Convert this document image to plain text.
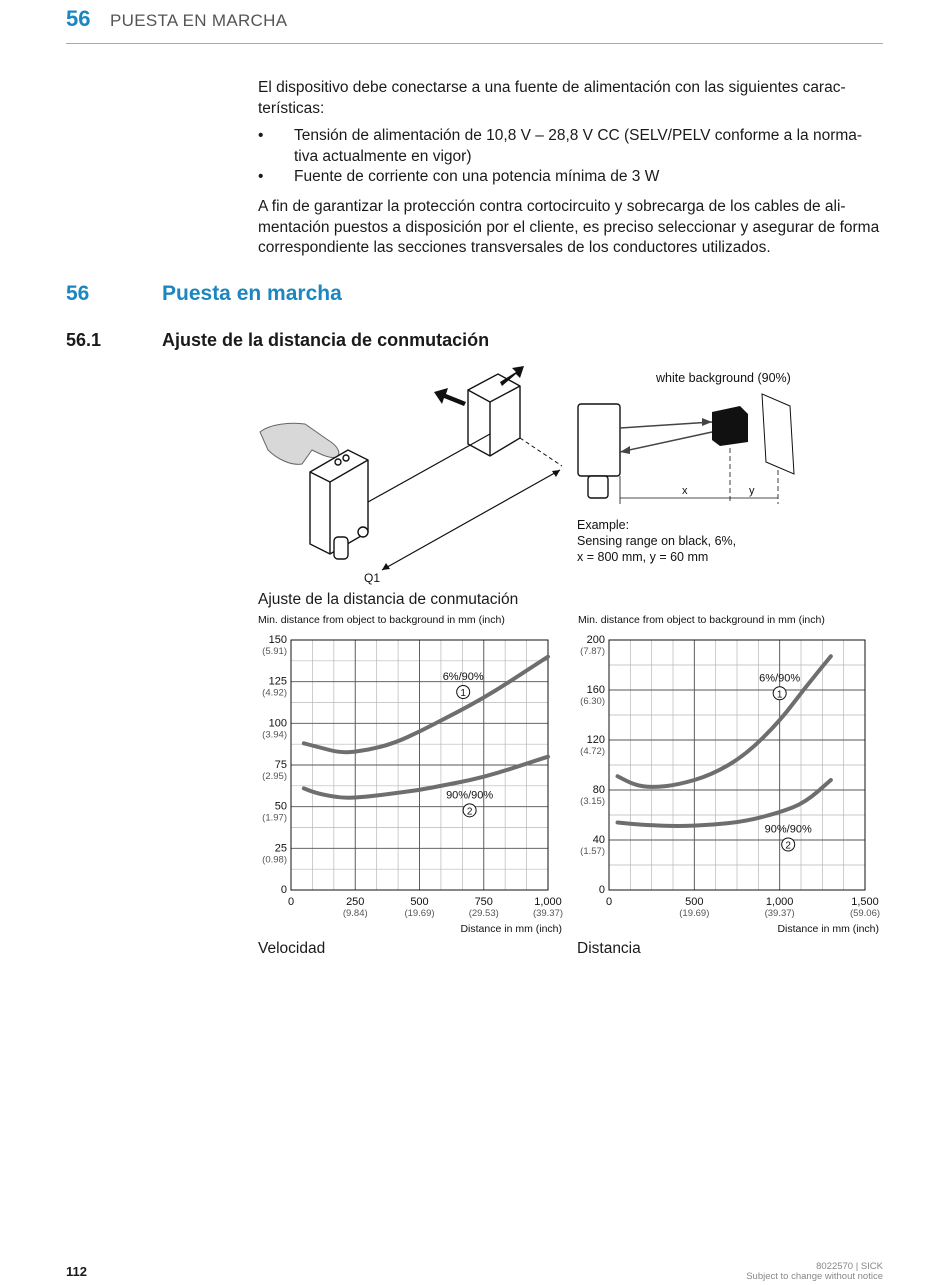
56 PUESTA EN MARCHA
El dispositivo debe conectarse a una fuente de alimentación con las siguientes carac-terísticas:
• Tensión de alimentación de 10,8 V – 28,8 V CC (SELV/PELV conforme a la norma-tiva actualmente en vigor)
• Fuente de corriente con una potencia mínima de 3 W
A fin de garantizar la protección contra cortocircuito y sobrecarga de los cables de ali-mentación puestos a disposición por el cliente, es preciso seleccionar y asegurar de forma correspondiente las secciones transversales de los conductores utilizados.
56	Puesta en marcha
56.1	Ajuste de la distancia de conmutación
Q1
x	y
white background (90%)
Example:
Sensing range on black, 6%,
x = 800 mm, y = 60 mm
Ajuste de la distancia de conmutación
Min. distance from object to background in mm (inch)
0
25
(0.98)
50
(1.97)
75
(2.95)
100
(3.94)
125
(4.92)
150
(5.91)
0	250
(9.84)
500
(19.69)
750
(29.53)
1,000
(39.37)
Distance in mm (inch)
6%/90%
1
90%/90%
2
Min. distance from object to background in mm (inch)
0
40
(1.57)
80
(3.15)
120
(4.72)
160
(6.30)
200
(7.87)
0	500
(19.69)
1,000
(39.37)
1,500
(59.06)
Distance in mm (inch)
6%/90%
1
90%/90%
2
Velocidad	Distancia
112	8022570 | SICK
Subject to change without notice
